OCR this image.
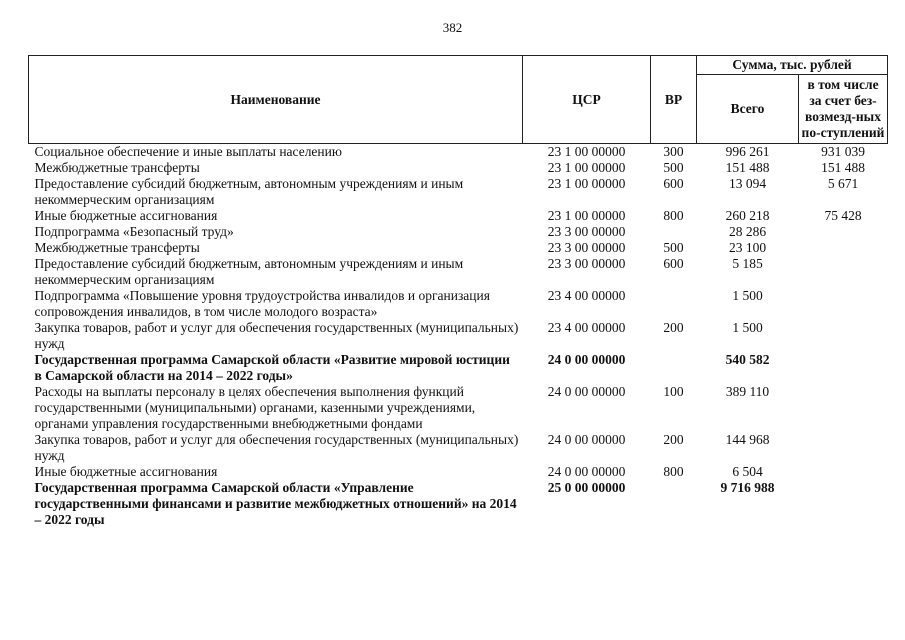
382
Наименование	ЦСР	ВР	Сумма, тыс. рублей	
			Всего	в том числе за счет без-возмезд-ных по-ступлений
Социальное обеспечение и иные выплаты населению	23 1 00 00000	300	996 261	931 039
Межбюджетные трансферты	23 1 00 00000	500	151 488	151 488
Предоставление субсидий бюджетным, автономным учреждениям и иным некоммерческим организациям	23 1 00 00000	600	13 094	5 671
Иные бюджетные ассигнования	23 1 00 00000	800	260 218	75 428
Подпрограмма «Безопасный труд»	23 3 00 00000		28 286	
Межбюджетные трансферты	23 3 00 00000	500	23 100	
Предоставление субсидий бюджетным, автономным учреждениям и иным некоммерческим организациям	23 3 00 00000	600	5 185	
Подпрограмма «Повышение уровня трудоустройства инвалидов и организация сопровождения инвалидов, в том числе молодого возраста»	23 4 00 00000		1 500	
Закупка товаров, работ и услуг для обеспечения государственных (муниципальных) нужд	23 4 00 00000	200	1 500	
Государственная программа Самарской области «Развитие мировой юстиции в Самарской области на 2014 – 2022 годы»	24 0 00 00000		540 582	
Расходы на выплаты персоналу в целях обеспечения выполнения функций государственными (муниципальными) органами, казенными учреждениями, органами управления государственными внебюджетными фондами	24 0 00 00000	100	389 110	
Закупка товаров, работ и услуг для обеспечения государственных (муниципальных) нужд	24 0 00 00000	200	144 968	
Иные бюджетные ассигнования	24 0 00 00000	800	6 504	
Государственная программа Самарской области «Управление государственными финансами и развитие межбюджетных отношений» на 2014 – 2022 годы	25 0 00 00000		9 716 988	
